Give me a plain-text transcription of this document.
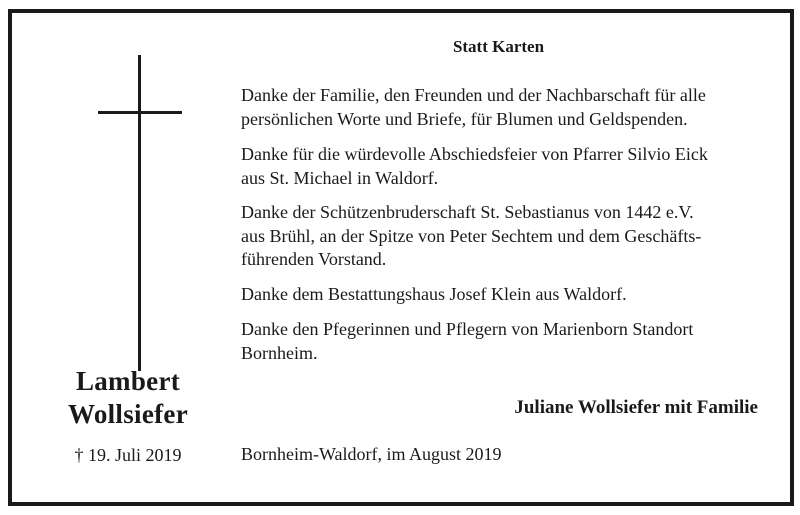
Lambert
Wollsiefer
† 19. Juli 2019
Statt Karten
Danke der Familie, den Freunden und der Nachbarschaft für alle
persönlichen Worte und Briefe, für Blumen und Geldspenden.
Danke für die würdevolle Abschiedsfeier von Pfarrer Silvio Eick
aus St. Michael in Waldorf.
Danke der Schützenbruderschaft St. Sebastianus von 1442 e.V.
aus Brühl, an der Spitze von Peter Sechtem und dem Geschäfts-
führenden Vorstand.
Danke dem Bestattungshaus Josef Klein aus Waldorf.
Danke den Pfegerinnen und Pflegern von Marienborn Standort
Bornheim.
Juliane Wollsiefer mit Familie
Bornheim-Waldorf, im August 2019
